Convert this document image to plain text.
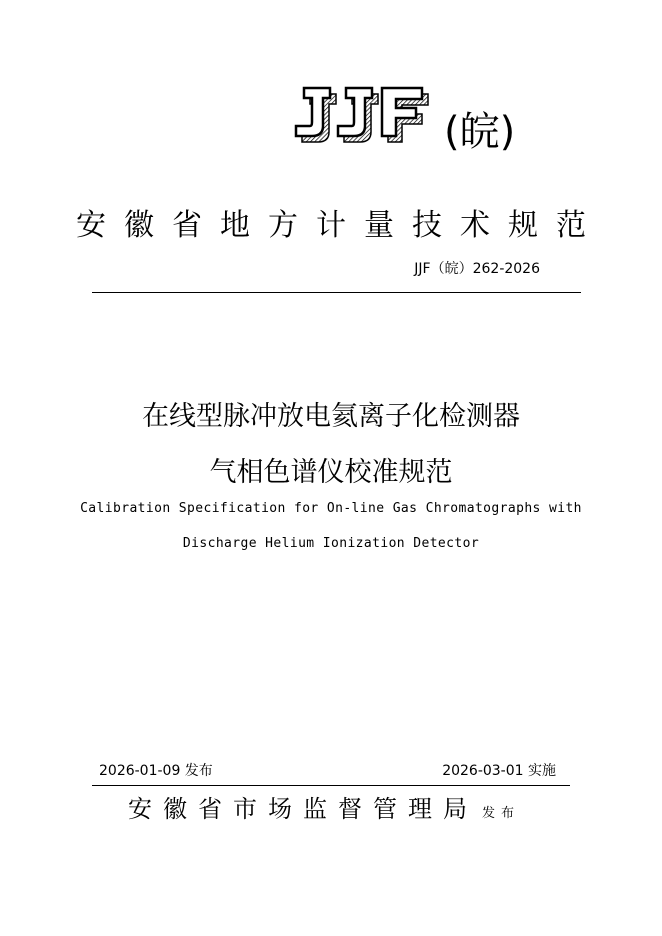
(皖)
安徽省地方计量技术规范
JJF（皖）262-2026
在线型脉冲放电氦离子化检测器
气相色谱仪校准规范
Calibration Specification for On-line Gas Chromatographs with
Discharge Helium Ionization Detector
2026-01-09 发布	2026-03-01 实施
安徽省市场监督管理局 发布
